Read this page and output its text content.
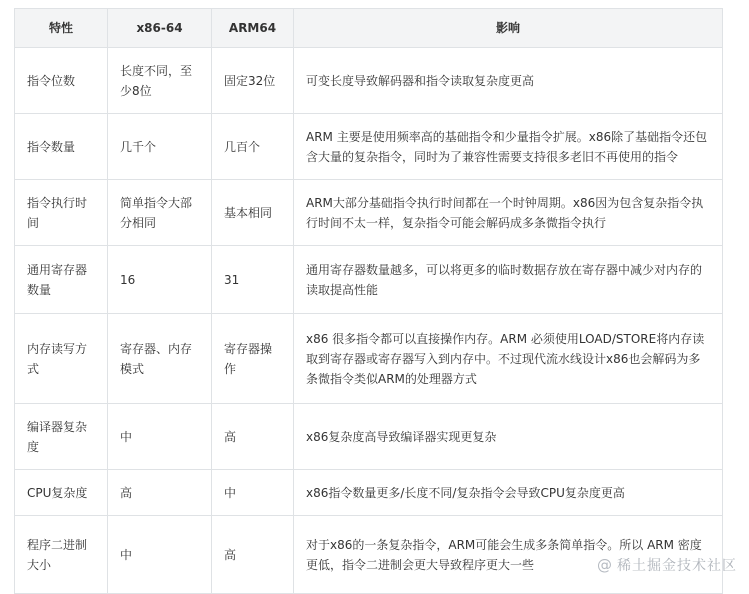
特性	x86-64	ARM64	影响
指令位数	长度不同，至少8位	固定32位	可变长度导致解码器和指令读取复杂度更高
指令数量	几千个	几百个	ARM 主要是使用频率高的基础指令和少量指令扩展。x86除了基础指令还包含大量的复杂指令，同时为了兼容性需要支持很多老旧不再使用的指令
指令执行时间	简单指令大部分相同	基本相同	ARM大部分基础指令执行时间都在一个时钟周期。x86因为包含复杂指令执行时间不太一样，复杂指令可能会解码成多条微指令执行
通用寄存器数量	16	31	通用寄存器数量越多，可以将更多的临时数据存放在寄存器中减少对内存的读取提高性能
内存读写方式	寄存器、内存模式	寄存器操作	x86 很多指令都可以直接操作内存。ARM 必须使用LOAD/STORE将内存读取到寄存器或寄存器写入到内存中。不过现代流水线设计x86也会解码为多条微指令类似ARM的处理器方式
编译器复杂度	中	高	x86复杂度高导致编译器实现更复杂
CPU复杂度	高	中	x86指令数量更多/长度不同/复杂指令会导致CPU复杂度更高
程序二进制大小	中	高	对于x86的一条复杂指令，ARM可能会生成多条简单指令。所以 ARM 密度更低，指令二进制会更大导致程序更大一些	@ 稀土掘金技术社区
